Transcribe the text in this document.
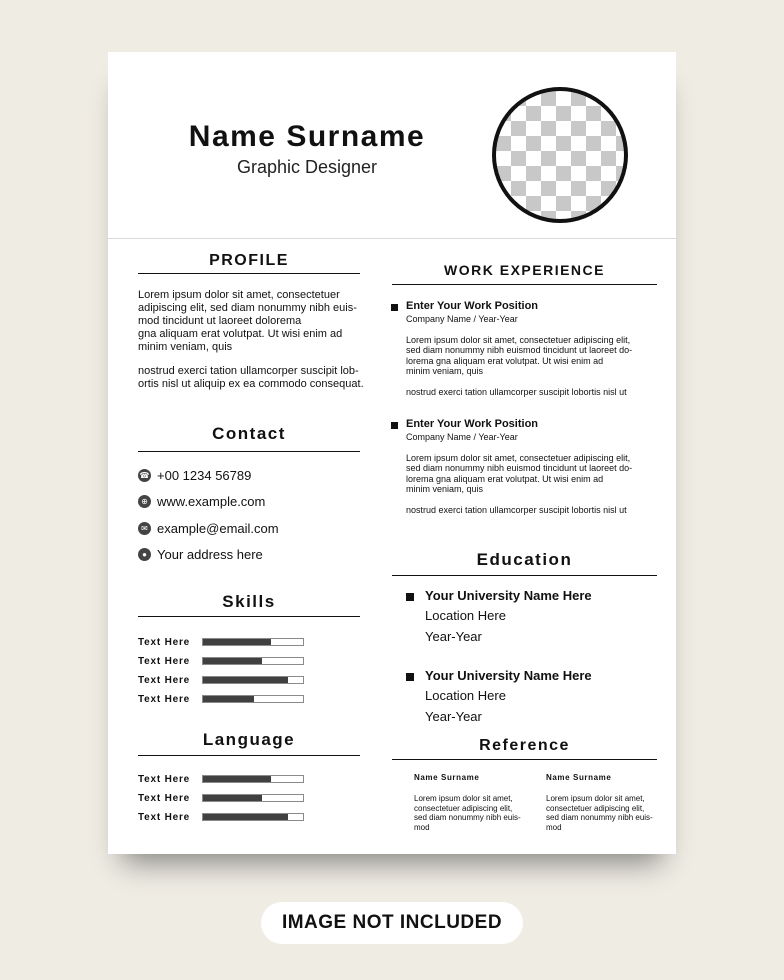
Name Surname
Graphic Designer
PROFILE

Lorem ipsum dolor sit amet, consectetuer
adipiscing elit, sed diam nonummy nibh euis-
mod tincidunt ut laoreet dolorema
gna aliquam erat volutpat. Ut wisi enim ad
minim veniam, quis

nostrud exerci tation ullamcorper suscipit lob-
ortis nisl ut aliquip ex ea commodo consequat.

Contact
☎ +00 1234 56789
⊕ www.example.com
✉ example@email.com
● Your address here
Skills
Text Here
Text Here
Text Here
Text Here
Language
Text Here
Text Here
Text Here
WORK EXPERIENCE
Enter Your Work Position
Company Name / Year-Year

Lorem ipsum dolor sit amet, consectetuer adipiscing elit,
sed diam nonummy nibh euismod tincidunt ut laoreet do-
lorema gna aliquam erat volutpat. Ut wisi enim ad
minim veniam, quis

nostrud exerci tation ullamcorper suscipit lobortis nisl ut

Enter Your Work Position
Company Name / Year-Year

Lorem ipsum dolor sit amet, consectetuer adipiscing elit,
sed diam nonummy nibh euismod tincidunt ut laoreet do-
lorema gna aliquam erat volutpat. Ut wisi enim ad
minim veniam, quis

nostrud exerci tation ullamcorper suscipit lobortis nisl ut

Education
Your University Name Here
Location Here
Year-Year
Your University Name Here
Location Here
Year-Year
Reference
Name Surname

Lorem ipsum dolor sit amet,
consectetuer adipiscing elit,
sed diam nonummy nibh euis-
mod

Name Surname

Lorem ipsum dolor sit amet,
consectetuer adipiscing elit,
sed diam nonummy nibh euis-
mod

IMAGE NOT INCLUDED
